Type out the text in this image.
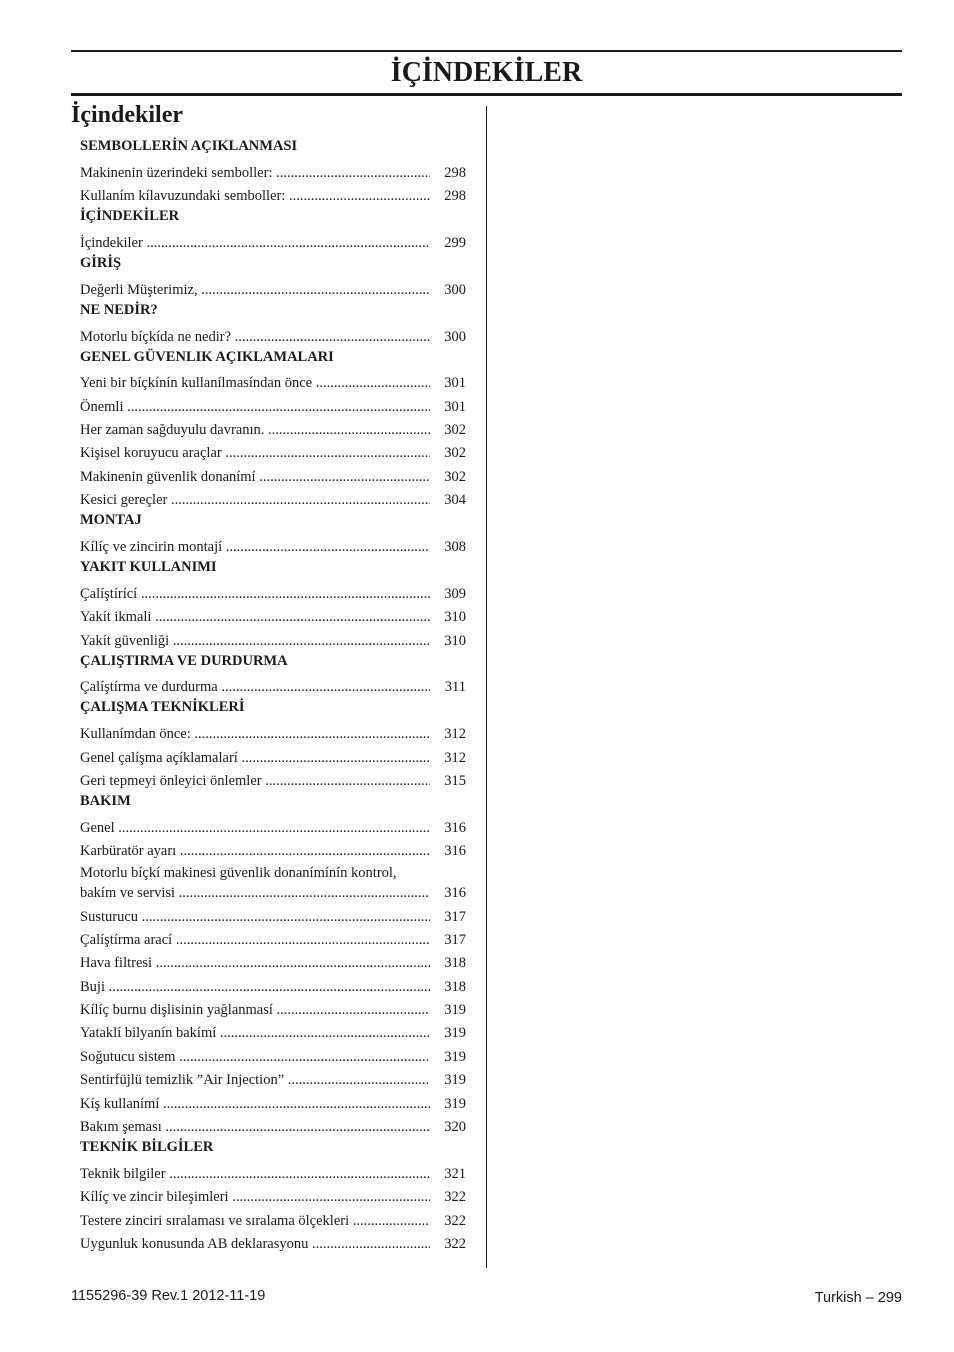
İÇİNDEKİLER
İçindekiler
SEMBOLLERİN AÇIKLANMASI
Makinenin üzerindeki semboller: .....	298
Kullaním kílavuzundaki semboller: .....	298
İÇİNDEKİLER
İçindekiler .....	299
GİRİŞ
Değerli Müşterimiz, .....	300
NE NEDİR?
Motorlu bíçkída ne nedir? .....	300
GENEL GÜVENLIK AÇIKLAMALARI
Yeni bir bíçkínín kullanílmasíndan önce .....	301
Önemli .....	301
Her zaman sağduyulu davranın. .....	302
Kişisel koruyucu araçlar .....	302
Makinenin güvenlik donanímí .....	302
Kesici gereçler .....	304
MONTAJ
Kílíç ve zincirin montají .....	308
YAKIT KULLANIMI
Çalíştírící .....	309
Yakít ikmali .....	310
Yakít güvenliği .....	310
ÇALIŞTIRMA VE DURDURMA
Çalíştírma ve durdurma .....	311
ÇALIŞMA TEKNİKLERİ
Kullanímdan önce: .....	312
Genel çalíşma açíklamalarí .....	312
Geri tepmeyi önleyici önlemler .....	315
BAKIM
Genel .....	316
Karbüratör ayarı .....	316
Motorlu bíçkí makinesi güvenlik donanímínín kontrol,
bakím ve servisi .....	316
Susturucu .....	317
Çalíştírma arací .....	317
Hava filtresi .....	318
Buji .....	318
Kílíç burnu dişlisinin yağlanmasí .....	319
Yataklí bilyanín bakímí .....	319
Soğutucu sistem .....	319
Sentirfüjlü temizlik ”Air Injection” .....	319
Kíş kullanímí .....	319
Bakım şeması .....	320
TEKNİK BİLGİLER
Teknik bilgiler .....	321
Kílíç ve zincir bileşimleri .....	322
Testere zinciri sıralaması ve sıralama ölçekleri .....	322
Uygunluk konusunda AB deklarasyonu .....	322
1155296-39 Rev.1 2012-11-19	Turkish – 299
